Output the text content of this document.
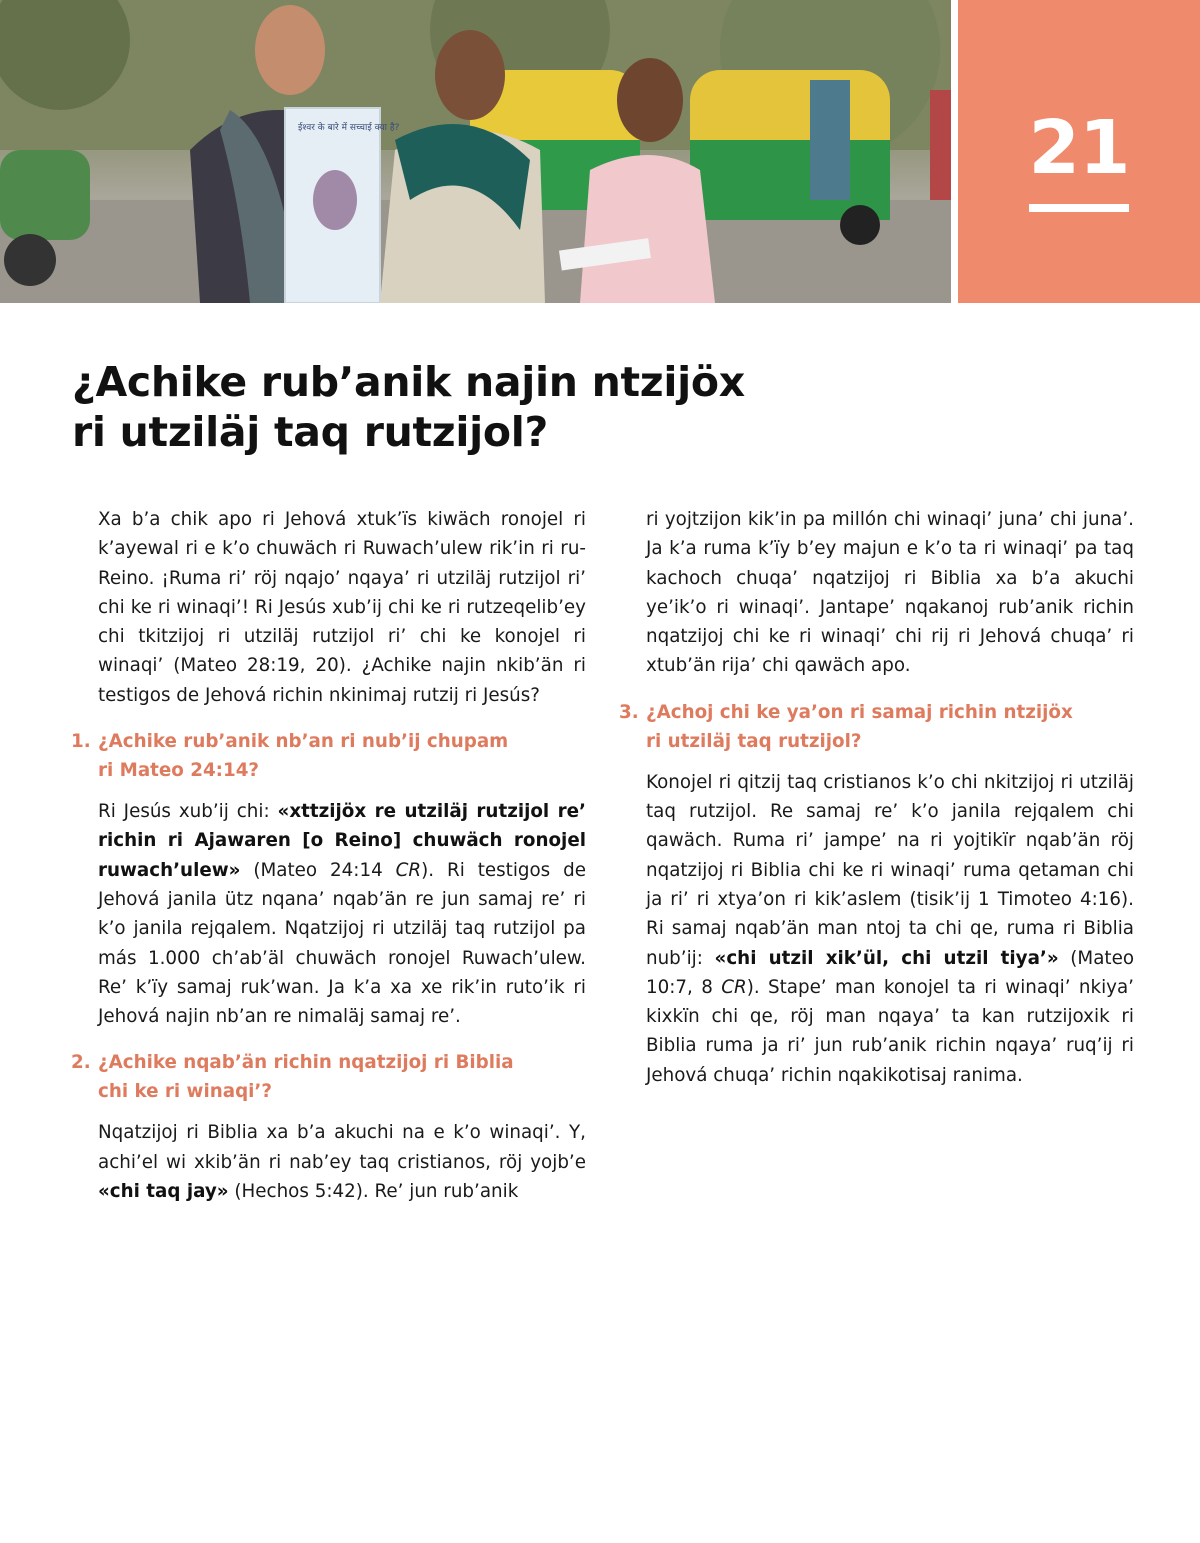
ईश्वर के बारे में सच्चाई क्या है?	21
¿Achike rub’anik najin ntzijöx
ri utziläj taq rutzijol?

Xa b’a chik apo ri Jehová xtuk’ïs kiwäch ronojel ri k’ayewal ri e k’o chuwäch ri Ruwach’ulew rik’in ri ru-Reino. ¡Ruma ri’ röj nqajo’ nqaya’ ri utziläj rutzijol ri’ chi ke ri winaqi’! Ri Jesús xub’ij chi ke ri rutzeqelib’ey chi tkitzijoj ri utziläj rutzijol ri’ chi ke konojel ri winaqi’ (Mateo 28:19, 20). ¿Achike najin nkib’än ri testigos de Jehová richin nkinimaj rutzij ri Jesús?

1. ¿Achike rub’anik nb’an ri nub’ij chupam
ri Mateo 24:14?

Ri Jesús xub’ij chi: «xttzijöx re utziläj rutzijol re’ richin ri Ajawaren [o Reino] chuwäch ronojel ruwach’ulew» (Mateo 24:14 CR). Ri testigos de Jehová janila ütz nqana’ nqab’än re jun samaj re’ ri k’o janila rejqalem. Nqatzijoj ri utziläj taq rutzijol pa más 1.000 ch’ab’äl chuwäch ronojel Ruwach’ulew. Re’ k’ïy samaj ruk’wan. Ja k’a xa xe rik’in ruto’ik ri Jehová najin nb’an re nimaläj samaj re’.

2. ¿Achike nqab’än richin nqatzijoj ri Biblia
chi ke ri winaqi’?

Nqatzijoj ri Biblia xa b’a akuchi na e k’o winaqi’. Y, achi’el wi xkib’än ri nab’ey taq cristianos, röj yojb’e «chi taq jay» (Hechos 5:42). Re’ jun rub’anik

ri yojtzijon kik’in pa millón chi winaqi’ juna’ chi juna’. Ja k’a ruma k’ïy b’ey majun e k’o ta ri winaqi’ pa taq kachoch chuqa’ nqatzijoj ri Biblia xa b’a akuchi ye’ik’o ri winaqi’. Jantape’ nqakanoj rub’anik richin nqatzijoj chi ke ri winaqi’ chi rij ri Jehová chuqa’ ri xtub’än rija’ chi qawäch apo.

3. ¿Achoj chi ke ya’on ri samaj richin ntzijöx
ri utziläj taq rutzijol?

Konojel ri qitzij taq cristianos k’o chi nkitzijoj ri utziläj taq rutzijol. Re samaj re’ k’o janila rejqalem chi qawäch. Ruma ri’ jampe’ na ri yojtikïr nqab’än röj nqatzijoj ri Biblia chi ke ri winaqi’ ruma qetaman chi ja ri’ ri xtya’on ri kik’aslem (tisik’ij 1 Timoteo 4:16). Ri samaj nqab’än man ntoj ta chi qe, ruma ri Biblia nub’ij: «chi utzil xik’ül, chi utzil tiya’» (Mateo 10:7, 8 CR). Stape’ man konojel ta ri winaqi’ nkiya’ kixkïn chi qe, röj man nqaya’ ta kan rutzijoxik ri Biblia ruma ja ri’ jun rub’anik richin nqaya’ ruq’ij ri Jehová chuqa’ richin nqakikotisaj ranima.
